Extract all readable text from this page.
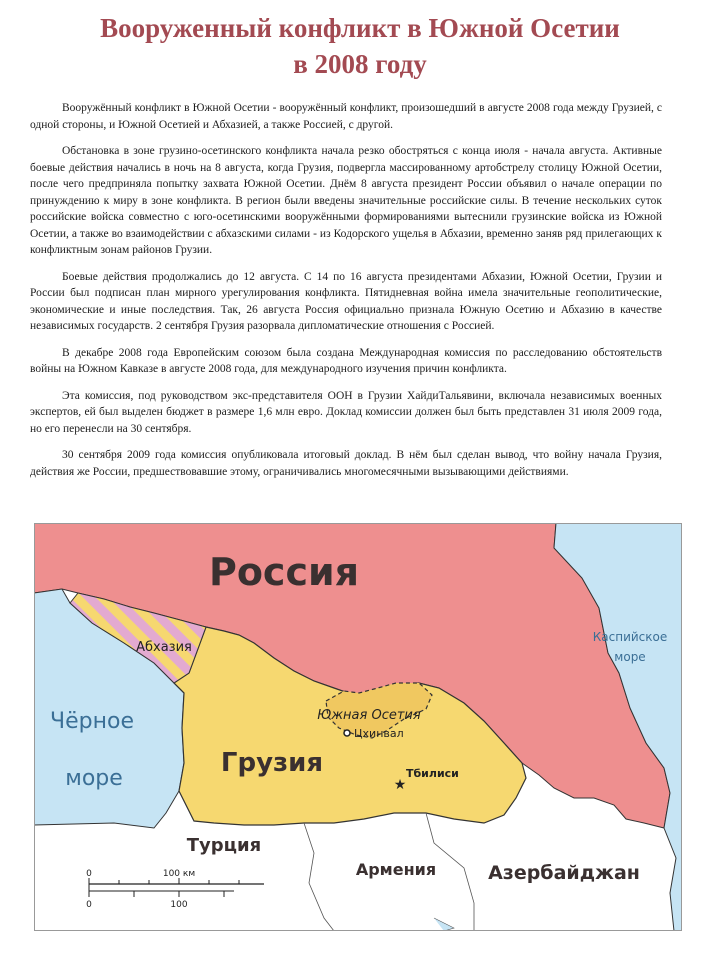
Вооруженный конфликт в Южной Осетии
в 2008 году

Вооружённый конфликт в Южной Осетии - вооружённый конфликт, произошедший в августе 2008 года между Грузией, с одной стороны, и Южной Осетией и Абхазией, а также Россией, с другой.

Обстановка в зоне грузино-осетинского конфликта начала резко обостряться с конца июля - начала августа. Активные боевые действия начались в ночь на 8 августа, когда Грузия, подвергла массированному артобстрелу столицу Южной Осетии, после чего предприняла попытку захвата Южной Осетии. Днём 8 августа президент России объявил о начале операции по принуждению к миру в зоне конфликта. В регион были введены значительные российские силы. В течение нескольких суток российские войска совместно с юго-осетинскими вооружёнными формированиями вытеснили грузинские войска из Южной Осетии, а также во взаимодействии с абхазскими силами - из Кодорского ущелья в Абхазии, временно заняв ряд прилегающих к конфликтным зонам районов Грузии.

Боевые действия продолжались до 12 августа. С 14 по 16 августа президентами Абхазии, Южной Осетии, Грузии и России был подписан план мирного урегулирования конфликта. Пятидневная война имела значительные геополитические, экономические и иные последствия. Так, 26 августа Россия официально признала Южную Осетию и Абхазию в качестве независимых государств. 2 сентября Грузия разорвала дипломатические отношения с Россией.

В декабре 2008 года Европейским союзом была создана Международная комиссия по расследованию обстоятельств войны на Южном Кавказе в августе 2008 года, для международного изучения причин конфликта.

Эта комиссия, под руководством экс-представителя ООН в Грузии ХайдиТальявини, включала независимых военных экспертов, ей был выделен бюджет в размере 1,6 млн евро. Доклад комиссии должен был быть представлен 31 июля 2009 года, но его перенесли на 30 сентября.

30 сентября 2009 года комиссия опубликовала итоговый доклад. В нём был сделан вывод, что войну начала Грузия, действия же России, предшествовавшие этому, ограничивались многомесячными вызывающими действиями.

Россия
Абхазия
Южная Осетия
Цхинвал
Грузия
★
Тбилиси
Чёрное
море
Каспийское
море
Турция
Армения	Азербайджан
0	100 км
0	100
